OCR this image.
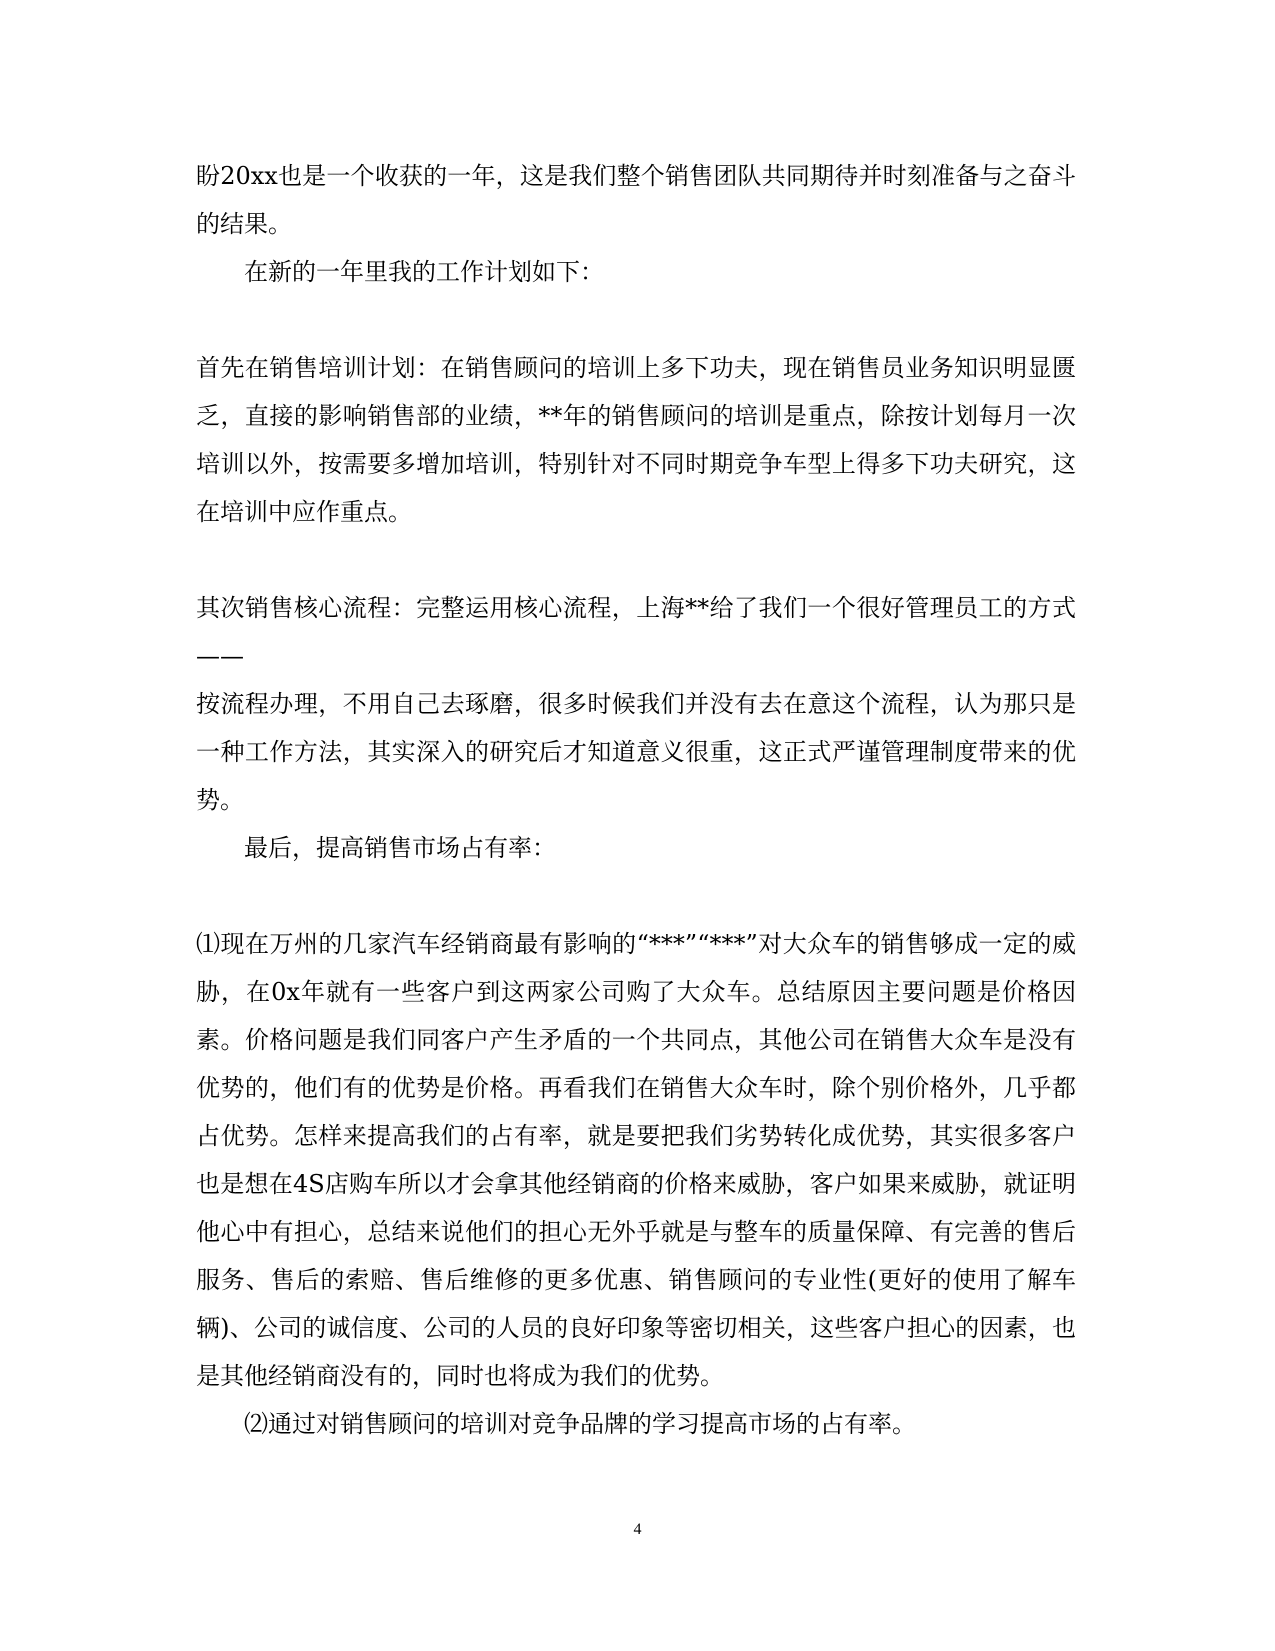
盼20xx也是一个收获的一年，这是我们整个销售团队共同期待并时刻准备与之奋斗的结果。

在新的一年里我的工作计划如下：

首先在销售培训计划：在销售顾问的培训上多下功夫，现在销售员业务知识明显匮乏，直接的影响销售部的业绩，**年的销售顾问的培训是重点，除按计划每月一次培训以外，按需要多增加培训，特别针对不同时期竞争车型上得多下功夫研究，这在培训中应作重点。

其次销售核心流程：完整运用核心流程，上海**给了我们一个很好管理员工的方式——

按流程办理，不用自己去琢磨，很多时候我们并没有去在意这个流程，认为那只是一种工作方法，其实深入的研究后才知道意义很重，这正式严谨管理制度带来的优势。

最后，提高销售市场占有率：

⑴现在万州的几家汽车经销商最有影响的“***”“***”对大众车的销售够成一定的威胁，在0x年就有一些客户到这两家公司购了大众车。总结原因主要问题是价格因素。价格问题是我们同客户产生矛盾的一个共同点，其他公司在销售大众车是没有优势的，他们有的优势是价格。再看我们在销售大众车时，除个别价格外，几乎都占优势。怎样来提高我们的占有率，就是要把我们劣势转化成优势，其实很多客户也是想在4S店购车所以才会拿其他经销商的价格来威胁，客户如果来威胁，就证明他心中有担心，总结来说他们的担心无外乎就是与整车的质量保障、有完善的售后服务、售后的索赔、售后维修的更多优惠、销售顾问的专业性(更好的使用了解车辆)、公司的诚信度、公司的人员的良好印象等密切相关，这些客户担心的因素，也是其他经销商没有的，同时也将成为我们的优势。

⑵通过对销售顾问的培训对竞争品牌的学习提高市场的占有率。

4
